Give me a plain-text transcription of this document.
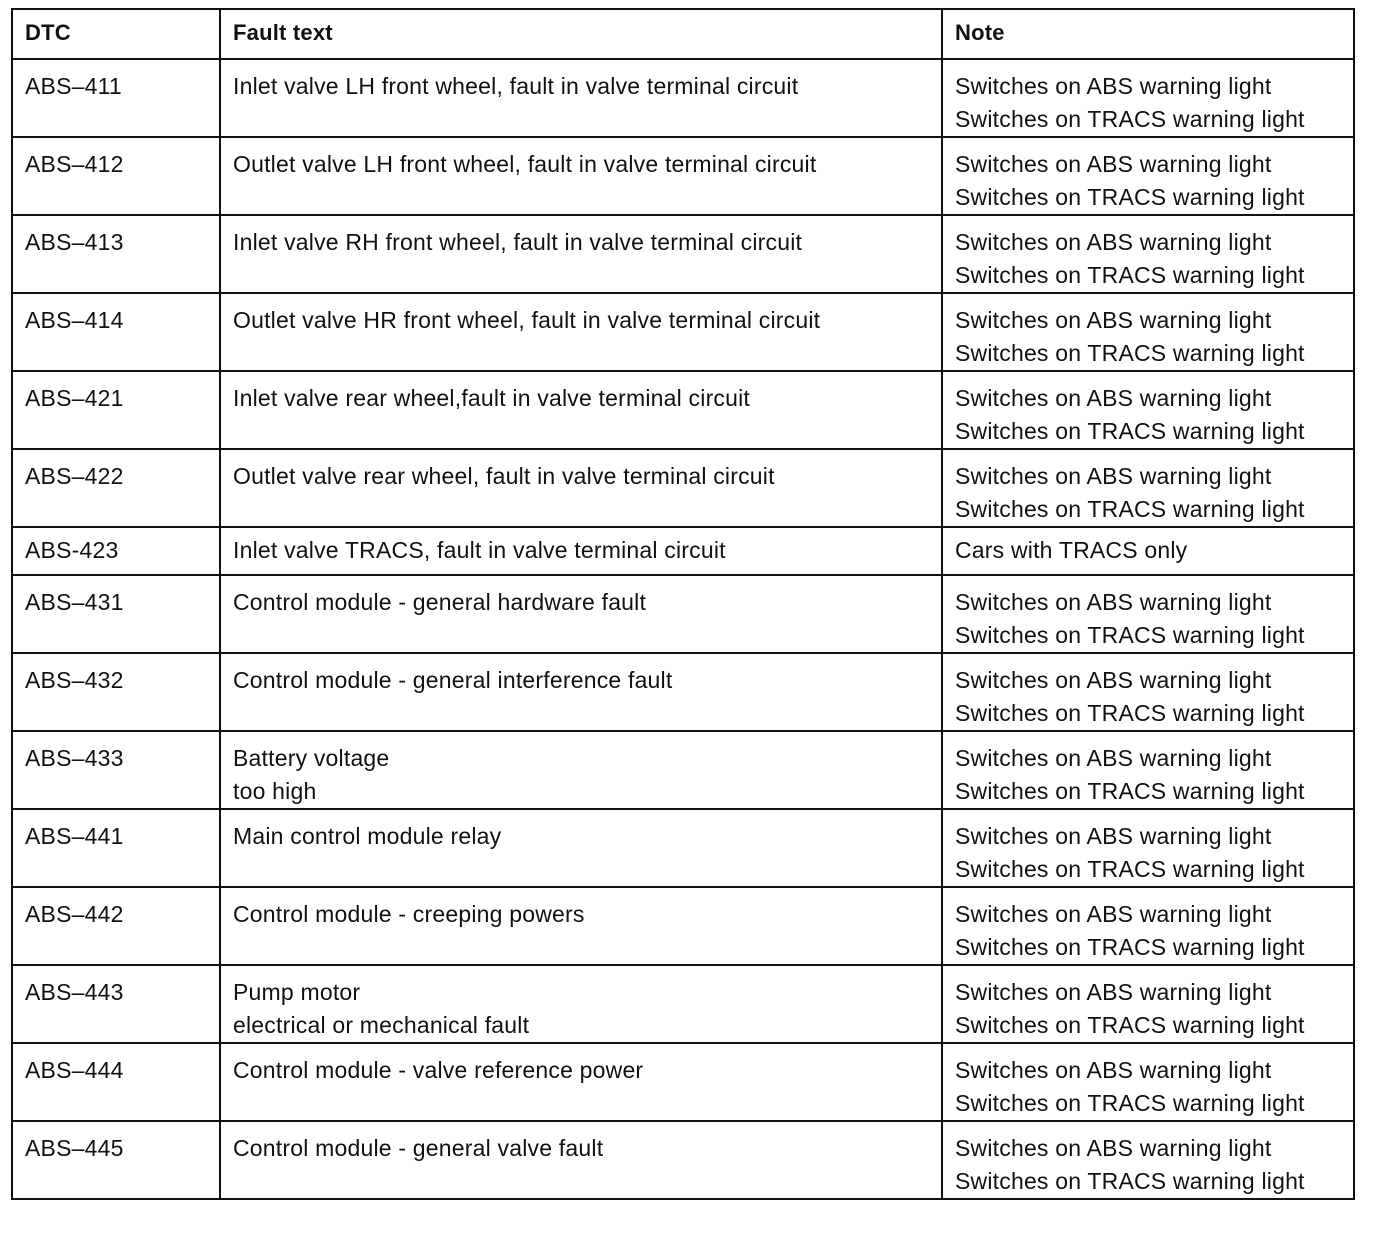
DTC	Fault text	Note

ABS–411	Inlet valve LH front wheel, fault in valve terminal circuit	Switches on ABS warning light
Switches on TRACS warning light

ABS–412	Outlet valve LH front wheel, fault in valve terminal circuit	Switches on ABS warning light
Switches on TRACS warning light

ABS–413	Inlet valve RH front wheel, fault in valve terminal circuit	Switches on ABS warning light
Switches on TRACS warning light

ABS–414	Outlet valve HR front wheel, fault in valve terminal circuit	Switches on ABS warning light
Switches on TRACS warning light

ABS–421	Inlet valve rear wheel,fault in valve terminal circuit	Switches on ABS warning light
Switches on TRACS warning light

ABS–422	Outlet valve rear wheel, fault in valve terminal circuit	Switches on ABS warning light
Switches on TRACS warning light

ABS-423	Inlet valve TRACS, fault in valve terminal circuit	Cars with TRACS only

ABS–431	Control module - general hardware fault	Switches on ABS warning light
Switches on TRACS warning light

ABS–432	Control module - general interference fault	Switches on ABS warning light
Switches on TRACS warning light

ABS–433	Battery voltage
too high	Switches on ABS warning light
Switches on TRACS warning light

ABS–441	Main control module relay	Switches on ABS warning light
Switches on TRACS warning light

ABS–442	Control module - creeping powers	Switches on ABS warning light
Switches on TRACS warning light

ABS–443	Pump motor
electrical or mechanical fault	Switches on ABS warning light
Switches on TRACS warning light

ABS–444	Control module - valve reference power	Switches on ABS warning light
Switches on TRACS warning light

ABS–445	Control module - general valve fault	Switches on ABS warning light
Switches on TRACS warning light
